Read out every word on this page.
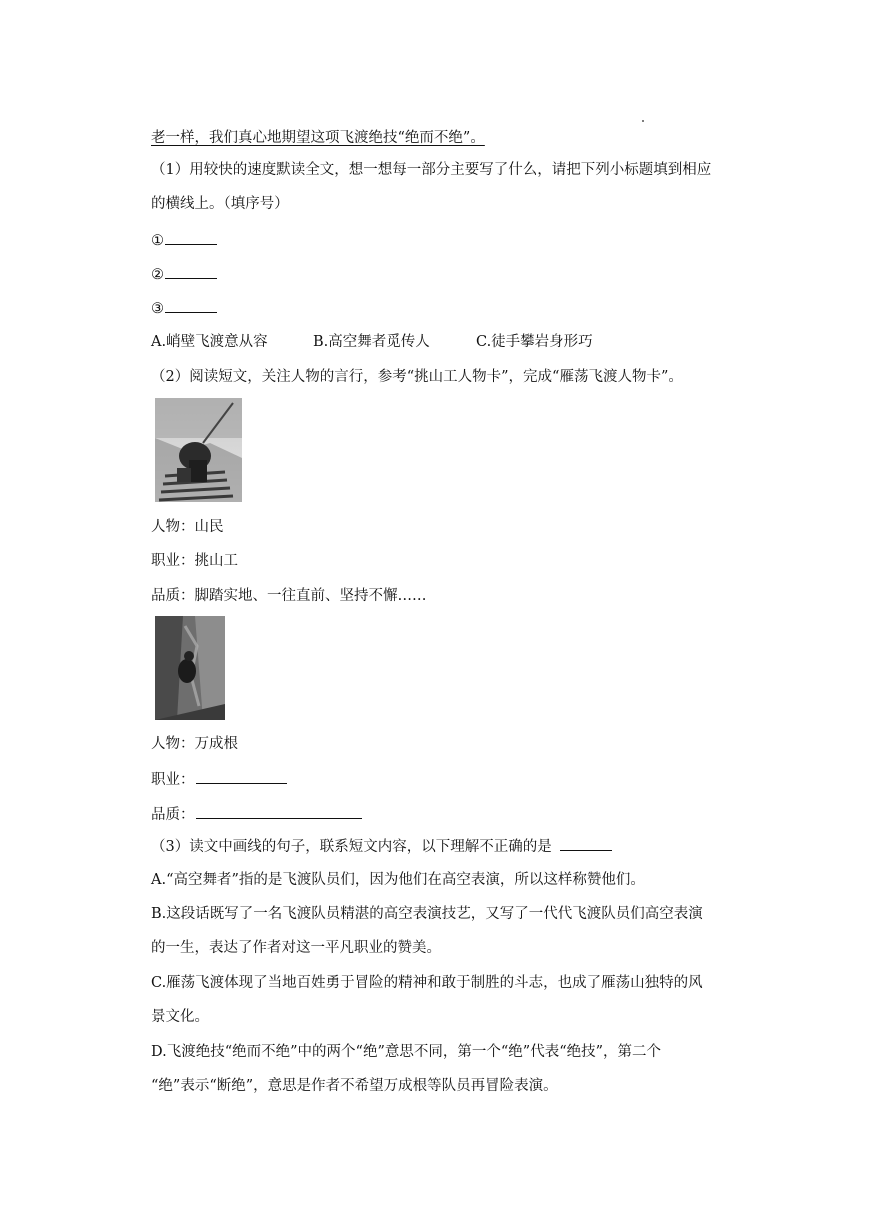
老一样，我们真心地期望这项飞渡绝技“绝而不绝”。
（1）用较快的速度默读全文，想一想每一部分主要写了什么，请把下列小标题填到相应
的横线上。（填序号）
①
②
③
A.峭壁飞渡意从容	B.高空舞者觅传人	C.徒手攀岩身形巧
（2）阅读短文，关注人物的言行，参考“挑山工人物卡”，完成“雁荡飞渡人物卡”。
人物：山民
职业：挑山工
品质：脚踏实地、一往直前、坚持不懈……
人物：万成根
职业：
品质：
（3）读文中画线的句子，联系短文内容，以下理解不正确的是
A.“高空舞者”指的是飞渡队员们，因为他们在高空表演，所以这样称赞他们。
B.这段话既写了一名飞渡队员精湛的高空表演技艺，又写了一代代飞渡队员们高空表演
的一生，表达了作者对这一平凡职业的赞美。
C.雁荡飞渡体现了当地百姓勇于冒险的精神和敢于制胜的斗志，也成了雁荡山独特的风
景文化。
D.飞渡绝技“绝而不绝”中的两个“绝”意思不同，第一个“绝”代表“绝技”，第二个
“绝”表示“断绝”，意思是作者不希望万成根等队员再冒险表演。
